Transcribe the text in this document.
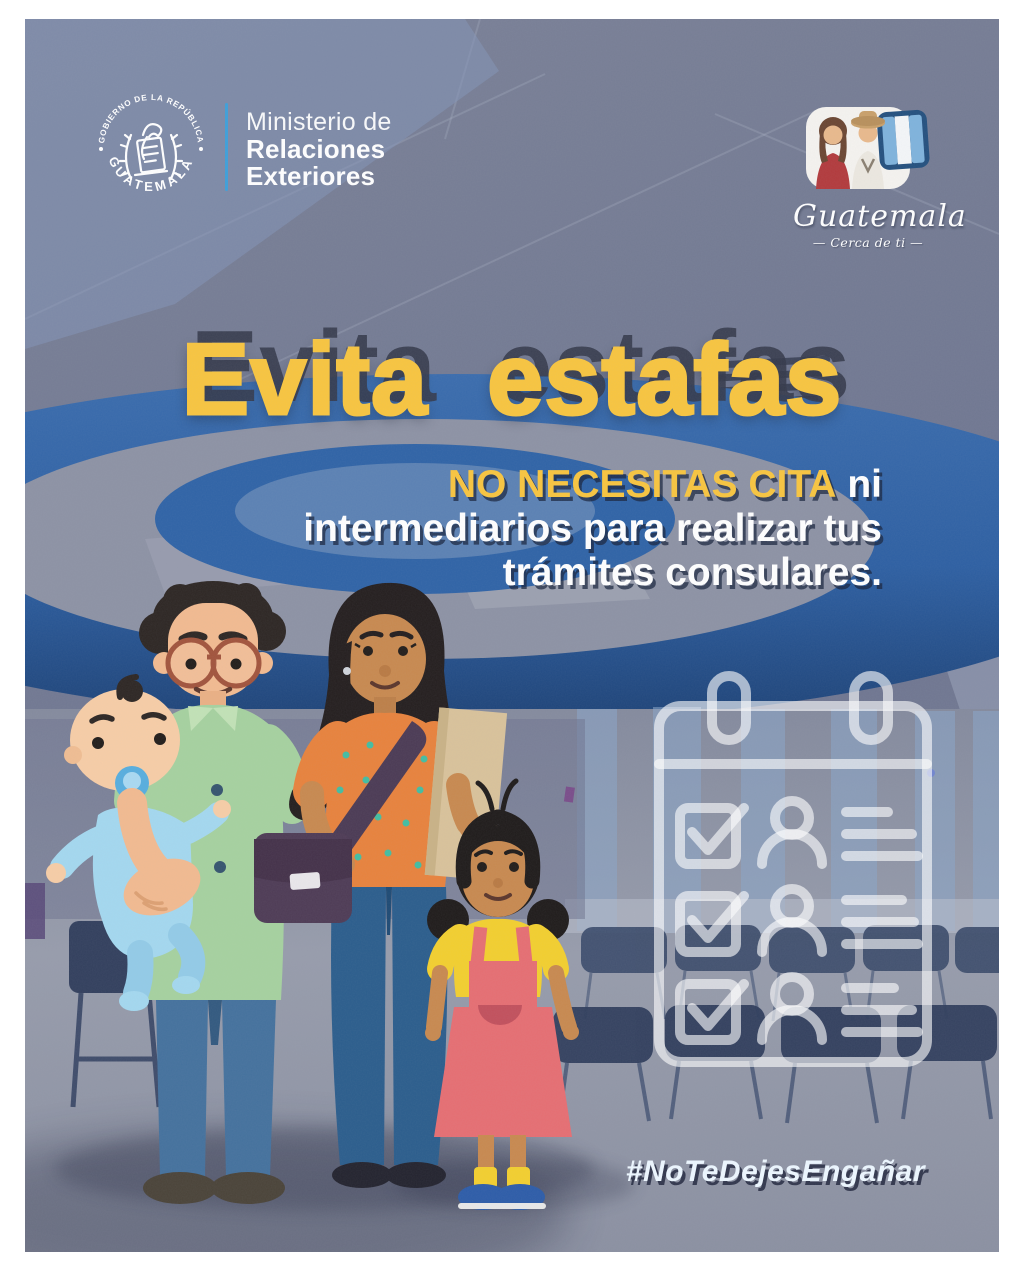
GOBIERNO DE LA REPÚBLICA
GUATEMALA
Ministerio de
Relaciones
Exteriores
Guatemala
— Cerca de ti —
Evita estafas
NO NECESITAS CITA ni
intermediarios para realizar tus
trámites consulares.
#NoTeDejesEngañar
